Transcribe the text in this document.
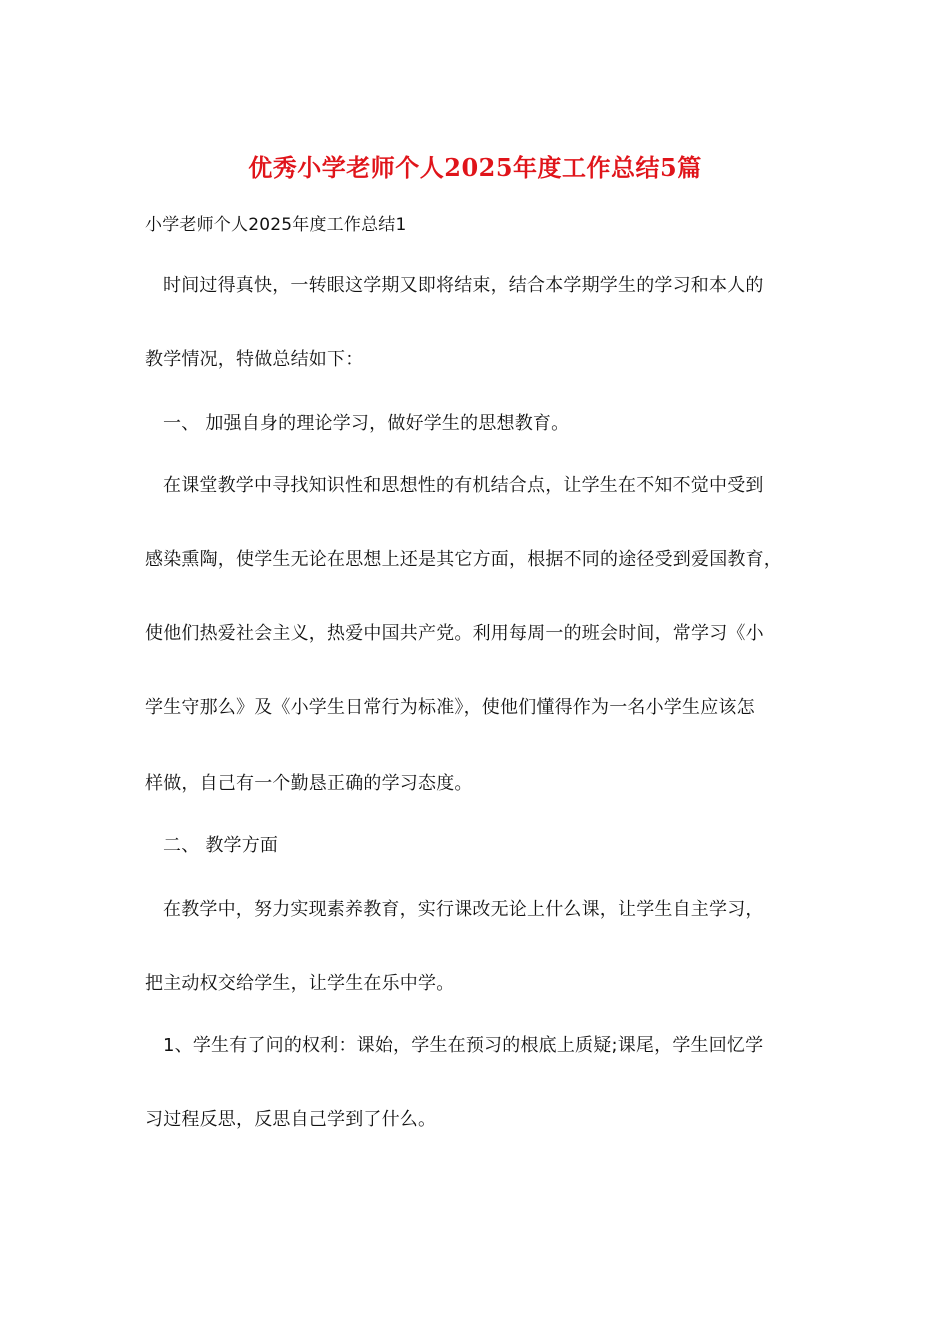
优秀小学老师个人2025年度工作总结5篇
小学老师个人2025年度工作总结1
时间过得真快，一转眼这学期又即将结束，结合本学期学生的学习和本人的
教学情况，特做总结如下：
一、 加强自身的理论学习，做好学生的思想教育。
在课堂教学中寻找知识性和思想性的有机结合点，让学生在不知不觉中受到
感染熏陶，使学生无论在思想上还是其它方面，根据不同的途径受到爱国教育，
使他们热爱社会主义，热爱中国共产党。利用每周一的班会时间，常学习《小
学生守那么》及《小学生日常行为标准》，使他们懂得作为一名小学生应该怎
样做，自己有一个勤恳正确的学习态度。
二、 教学方面
在教学中，努力实现素养教育，实行课改无论上什么课，让学生自主学习，
把主动权交给学生，让学生在乐中学。
1、学生有了问的权利：课始，学生在预习的根底上质疑;课尾，学生回忆学
习过程反思，反思自己学到了什么。
